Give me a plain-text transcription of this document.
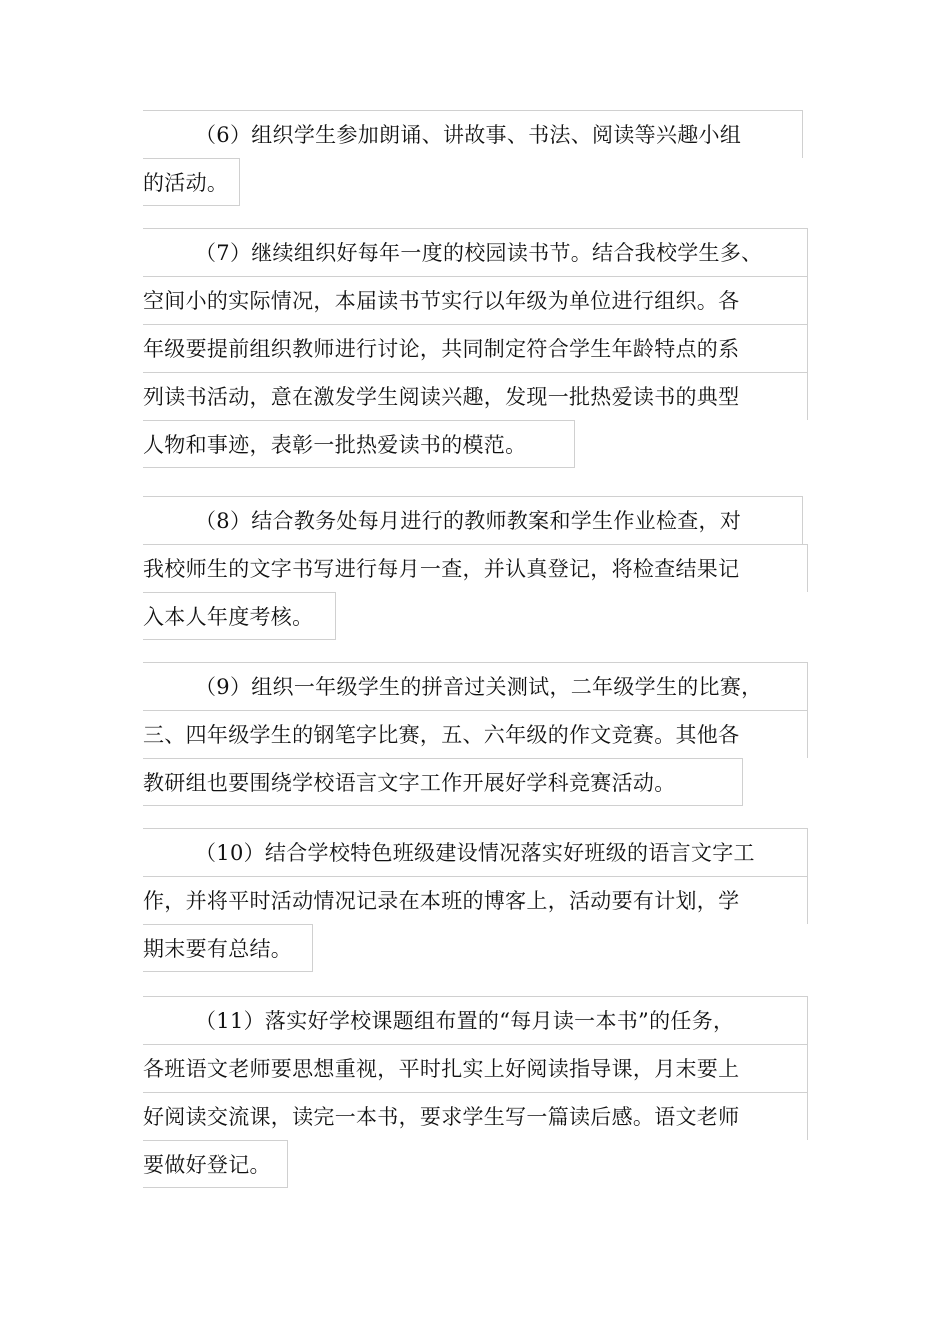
（6）组织学生参加朗诵、讲故事、书法、阅读等兴趣小组
的活动。
（7）继续组织好每年一度的校园读书节。结合我校学生多、
空间小的实际情况，本届读书节实行以年级为单位进行组织。各
年级要提前组织教师进行讨论，共同制定符合学生年龄特点的系
列读书活动，意在激发学生阅读兴趣，发现一批热爱读书的典型
人物和事迹，表彰一批热爱读书的模范。
（8）结合教务处每月进行的教师教案和学生作业检查，对
我校师生的文字书写进行每月一查，并认真登记，将检查结果记
入本人年度考核。
（9）组织一年级学生的拼音过关测试，二年级学生的比赛，
三、四年级学生的钢笔字比赛，五、六年级的作文竞赛。其他各
教研组也要围绕学校语言文字工作开展好学科竞赛活动。
（10）结合学校特色班级建设情况落实好班级的语言文字工
作，并将平时活动情况记录在本班的博客上，活动要有计划，学
期末要有总结。
（11）落实好学校课题组布置的“每月读一本书”的任务，
各班语文老师要思想重视，平时扎实上好阅读指导课，月末要上
好阅读交流课，读完一本书，要求学生写一篇读后感。语文老师
要做好登记。
